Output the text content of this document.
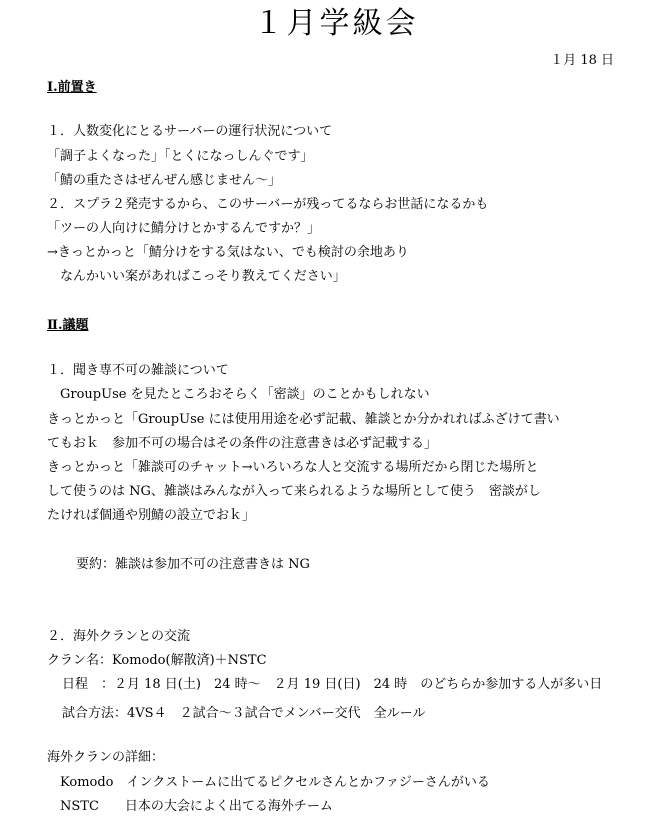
１月学級会
１月 18 日
Ⅰ.前置き
１．人数変化にとるサーバーの運行状況について
「調子よくなった」「とくになっしんぐです」
「鯖の重たさはぜんぜん感じません～」
２．スプラ２発売するから、このサーバーが残ってるならお世話になるかも
「ツーの人向けに鯖分けとかするんですか？」
→きっとかっと「鯖分けをする気はない、でも検討の余地あり
なんかいい案があればこっそり教えてください」
Ⅱ.議題
１．聞き専不可の雑談について
GroupUse を見たところおそらく「密談」のことかもしれない
きっとかっと「GroupUse には使用用途を必ず記載、雑談とか分かれればふざけて書い
てもおｋ　参加不可の場合はその条件の注意書きは必ず記載する」
きっとかっと「雑談可のチャット→いろいろな人と交流する場所だから閉じた場所と
して使うのは NG、雑談はみんなが入って来られるような場所として使う　密談がし
たければ個通や別鯖の設立でおｋ」
要約：雑談は参加不可の注意書きは NG
２．海外クランとの交流
クラン名：Komodo(解散済)＋NSTC
日程　：２月 18 日(土)　24 時～　２月 19 日(日)　24 時　のどちらか参加する人が多い日
試合方法：4VS４　２試合～３試合でメンバー交代　全ルール
海外クランの詳細：
Komodo　インクストームに出てるピクセルさんとかファジーさんがいる
NSTC　　日本の大会によく出てる海外チーム
